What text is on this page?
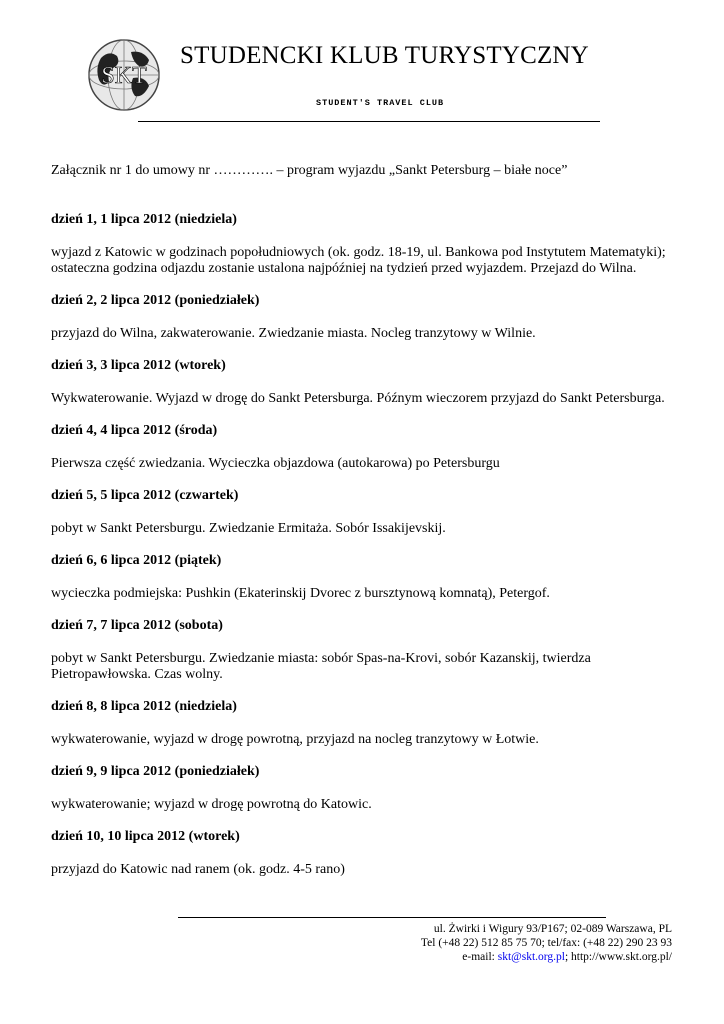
SKT
STUDENCKI KLUB TURYSTYCZNY
STUDENT'S TRAVEL CLUB

Załącznik nr 1 do umowy nr …………. – program wyjazdu „Sankt Petersburg – białe noce”

dzień 1, 1 lipca 2012 (niedziela)

wyjazd z Katowic w godzinach popołudniowych (ok. godz. 18-19, ul. Bankowa pod Instytutem Matematyki); ostateczna godzina odjazdu zostanie ustalona najpóźniej na tydzień przed wyjazdem. Przejazd do Wilna.

dzień 2, 2 lipca 2012 (poniedziałek)

przyjazd do Wilna, zakwaterowanie. Zwiedzanie miasta. Nocleg tranzytowy w Wilnie.

dzień 3, 3 lipca 2012 (wtorek)

Wykwaterowanie. Wyjazd w drogę do Sankt Petersburga. Późnym wieczorem przyjazd do Sankt Petersburga.

dzień 4, 4 lipca 2012 (środa)

Pierwsza część zwiedzania. Wycieczka objazdowa (autokarowa) po Petersburgu

dzień 5, 5 lipca 2012 (czwartek)

pobyt w Sankt Petersburgu. Zwiedzanie Ermitaża. Sobór Issakijevskij.

dzień 6, 6 lipca 2012 (piątek)

wycieczka podmiejska: Pushkin (Ekaterinskij Dvorec z bursztynową komnatą), Petergof.

dzień 7, 7 lipca 2012 (sobota)

pobyt w Sankt Petersburgu. Zwiedzanie miasta: sobór Spas-na-Krovi, sobór Kazanskij, twierdza Pietropawłowska. Czas wolny.

dzień 8, 8 lipca 2012 (niedziela)

wykwaterowanie, wyjazd w drogę powrotną, przyjazd na nocleg tranzytowy w Łotwie.

dzień 9, 9 lipca 2012 (poniedziałek)

wykwaterowanie; wyjazd w drogę powrotną do Katowic.

dzień 10, 10 lipca 2012 (wtorek)

przyjazd do Katowic nad ranem (ok. godz. 4-5 rano)

ul. Żwirki i Wigury 93/P167; 02-089 Warszawa, PL
Tel (+48 22) 512 85 75 70; tel/fax: (+48 22) 290 23 93
e-mail: skt@skt.org.pl; http://www.skt.org.pl/
